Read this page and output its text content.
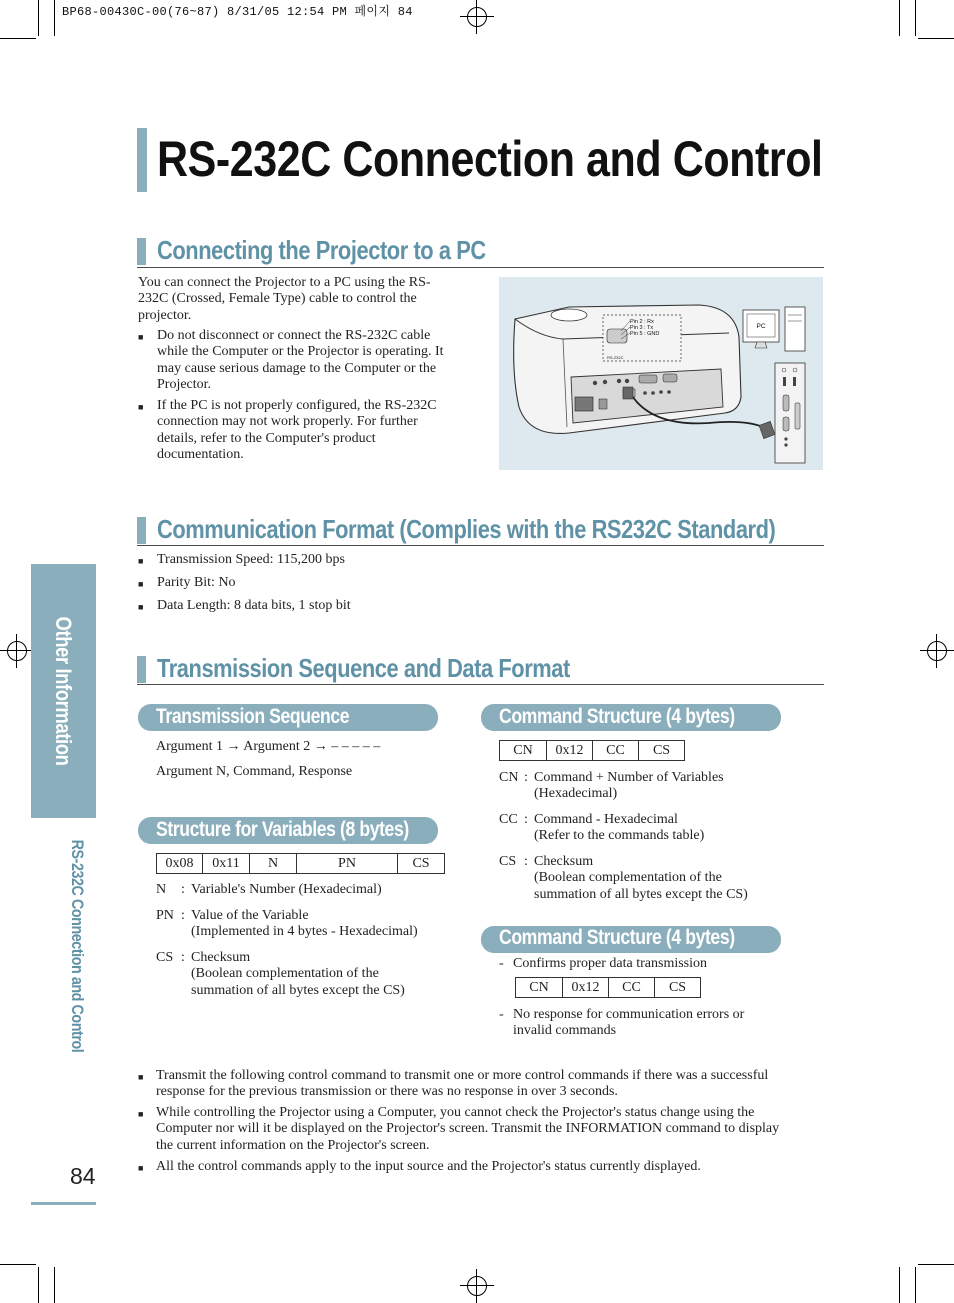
BP68-00430C-00(76~87) 8/31/05 12:54 PM 페이지 84
RS-232C Connection and Control
Other Information
RS-232C Connection and Control
84
Connecting the Projector to a PC
You can connect the Projector to a PC using the RS-
232C (Crossed, Female Type) cable to control the
projector.
■ Do not disconnect or connect the RS-232C cable
while the Computer or the Projector is operating. It
may cause serious damage to the Computer or the
Projector.
■ If the PC is not properly configured, the RS-232C
connection may not work properly. For further
details, refer to the Computer's product
documentation.
RS-232C
Pin 2 : Rx
Pin 3 : Tx
Pin 5 : GND
PC
Communication Format (Complies with the RS232C Standard)
■ Transmission Speed: 115,200 bps
■ Parity Bit: No
■ Data Length: 8 data bits, 1 stop bit
Transmission Sequence and Data Format
Transmission Sequence
Argument 1 → Argument 2 → – – – – –
Argument N, Command, Response
Structure for Variables (8 bytes)
0x08	0x11	N	PN	CS
N : Variable's Number (Hexadecimal)
PN : Value of the Variable
(Implemented in 4 bytes - Hexadecimal)
CS : Checksum
(Boolean complementation of the
summation of all bytes except the CS)
Command Structure (4 bytes)
CN	0x12	CC	CS
CN : Command + Number of Variables
(Hexadecimal)
CC : Command - Hexadecimal
(Refer to the commands table)
CS : Checksum
(Boolean complementation of the
summation of all bytes except the CS)
Command Structure (4 bytes)
- Confirms proper data transmission
CN	0x12	CC	CS
- No response for communication errors or
invalid commands
■ Transmit the following control command to transmit one or more control commands if there was a successful
response for the previous transmission or there was no response in over 3 seconds.
■ While controlling the Projector using a Computer, you cannot check the Projector's status change using the
Computer nor will it be displayed on the Projector's screen. Transmit the INFORMATION command to display
the current information on the Projector's screen.
■ All the control commands apply to the input source and the Projector's status currently displayed.
